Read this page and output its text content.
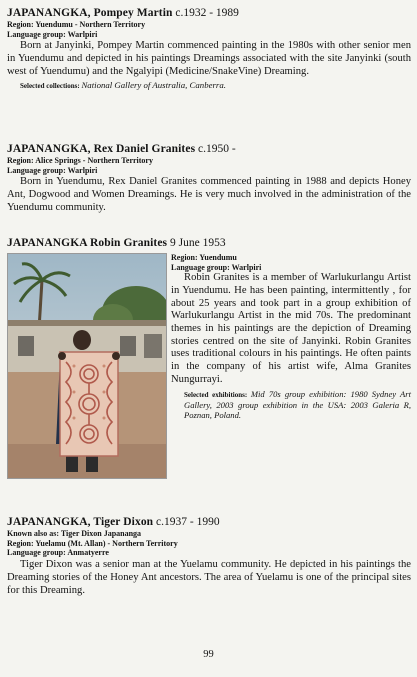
JAPANANGKA, Pompey Martin c.1932 - 1989
Region: Yuendumu - Northern Territory
Language group: Warlpiri
Born at Janyinki, Pompey Martin commenced painting in the 1980s with other senior men in Yuendumu and depicted in his paintings Dreamings associated with the site Janyinki (south west of Yuendumu) and the Ngalyipi (Medicine/SnakeVine) Dreaming.
Selected collections: National Gallery of Australia, Canberra.
JAPANANGKA, Rex Daniel Granites c.1950 -
Region: Alice Springs - Northern Territory
Language group: Warlpiri
Born in Yuendumu, Rex Daniel Granites commenced painting in 1988 and depicts Honey Ant, Dogwood and Women Dreamings. He is very much involved in the administration of the Yuendumu community.
JAPANANGKA Robin Granites 9 June 1953
Region: Yuendumu
Language group: Warlpiri
Robin Granites is a member of Warlukurlangu Artist in Yuendumu. He has been painting, intermittently , for about 25 years and took part in a group exhibition of Warlukurlangu Artist in the mid 70s. The predominant themes in his paintings are the depiction of Dreaming stories centred on the site of Janyinki. Robin Granites uses traditional colours in his paintings. He often paints in the company of his artist wife, Alma Granites Nungurrayi.
Selected exhibitions: Mid 70s group exhibition: 1980 Sydney Art Gallery, 2003 group exhibition in the USA: 2003 Galeria R, Poznan, Poland.
JAPANANGKA, Tiger Dixon c.1937 - 1990
Known also as: Tiger Dixon Japananga
Region: Yuelamu (Mt. Allan) - Northern Territory
Language group: Anmatyerre
Tiger Dixon was a senior man at the Yuelamu community. He depicted in his paintings the Dreaming stories of the Honey Ant ancestors. The area of Yuelamu is one of the principal sites for this Dreaming.
99
